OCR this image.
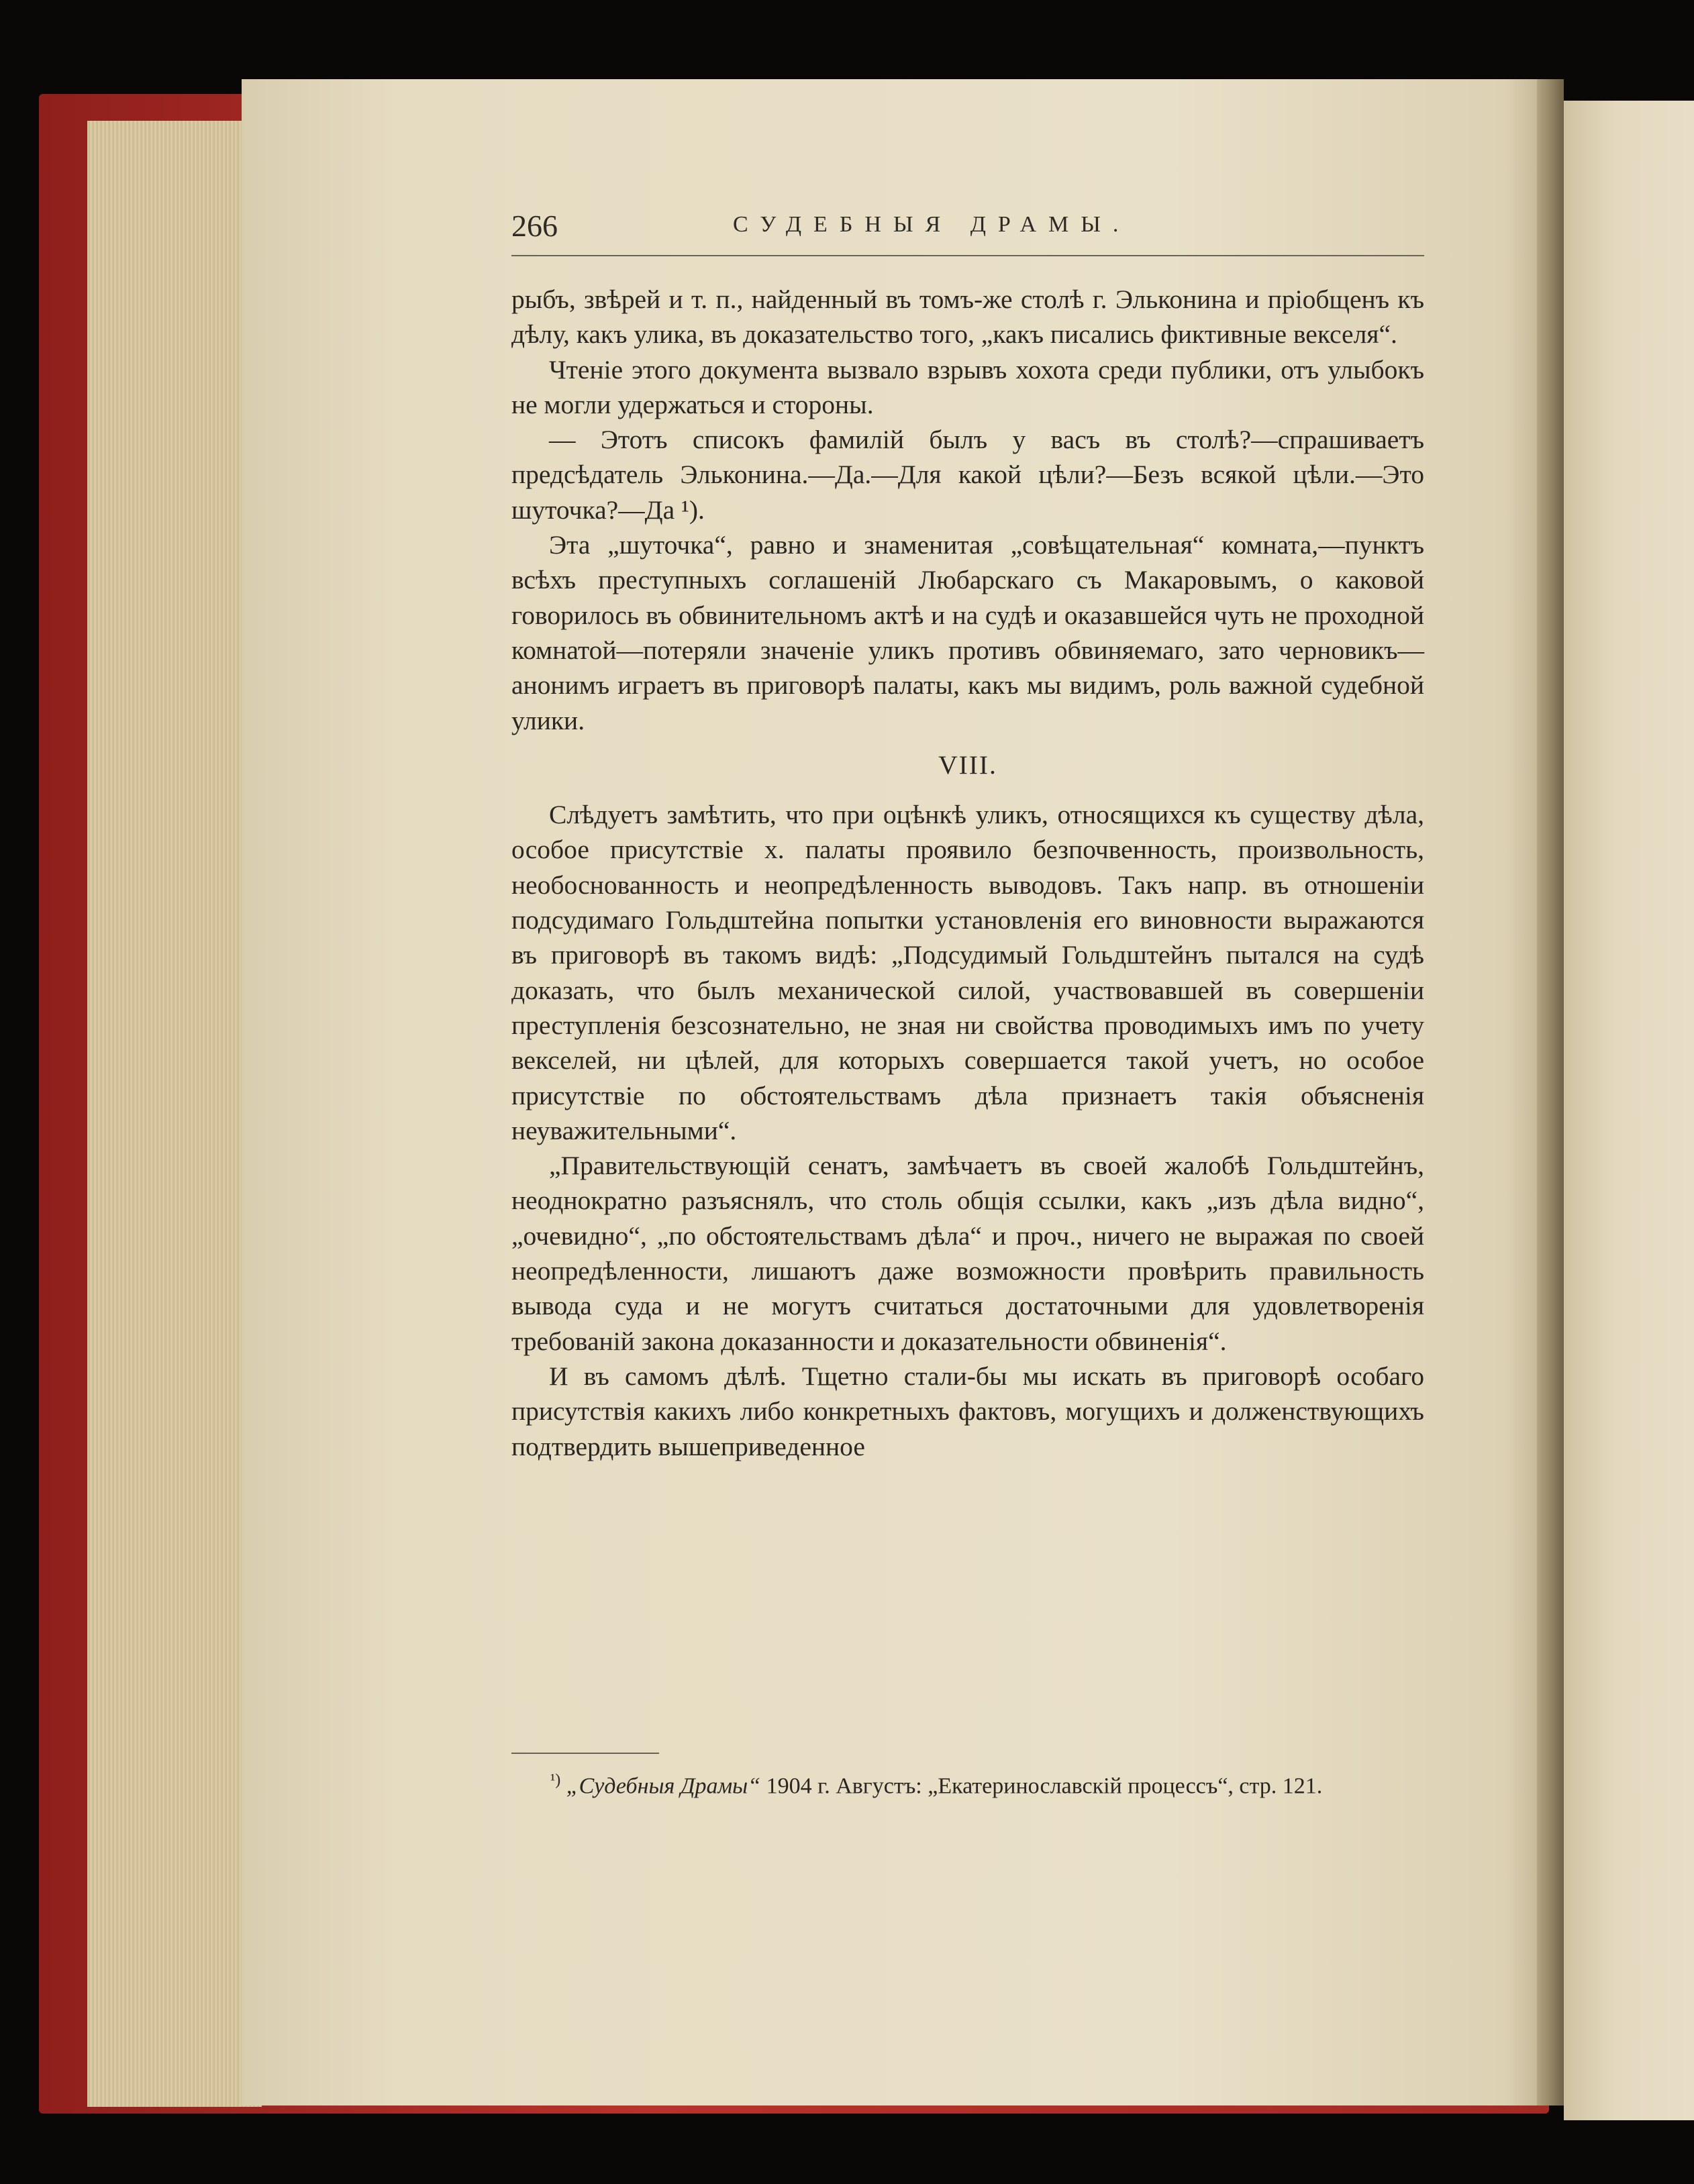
266	СУДЕБНЫЯ ДРАМЫ.

рыбъ, звѣрей и т. п., найденный въ томъ-же столѣ г. Эльконина и пріобщенъ къ дѣлу, какъ улика, въ доказательство того, „какъ писались фиктивные векселя“.

Чтеніе этого документа вызвало взрывъ хохота среди публики, отъ улыбокъ не могли удержаться и стороны.

— Этотъ списокъ фамилій былъ у васъ въ столѣ?—спрашиваетъ предсѣдатель Эльконина.—Да.—Для какой цѣли?—Безъ всякой цѣли.—Это шуточка?—Да ¹).

Эта „шуточка“, равно и знаменитая „совѣщательная“ комната,—пунктъ всѣхъ преступныхъ соглашеній Любарскаго съ Макаровымъ, о каковой говорилось въ обвинительномъ актѣ и на судѣ и оказавшейся чуть не проходной комнатой—потеряли значеніе уликъ противъ обвиняемаго, зато черновикъ—анонимъ играетъ въ приговорѣ палаты, какъ мы видимъ, роль важной судебной улики.

VIII.

Слѣдуетъ замѣтить, что при оцѣнкѣ уликъ, относящихся къ существу дѣла, особое присутствіе х. палаты проявило безпочвенность, произвольность, необоснованность и неопредѣленность выводовъ. Такъ напр. въ отношеніи подсудимаго Гольдштейна попытки установленія его виновности выражаются въ приговорѣ въ такомъ видѣ: „Подсудимый Гольдштейнъ пытался на судѣ доказать, что былъ механической силой, участвовавшей въ совершеніи преступленія безсознательно, не зная ни свойства проводимыхъ имъ по учету векселей, ни цѣлей, для которыхъ совершается такой учетъ, но особое присутствіе по обстоятельствамъ дѣла признаетъ такія объясненія неуважительными“.

„Правительствующій сенатъ, замѣчаетъ въ своей жалобѣ Гольдштейнъ, неоднократно разъяснялъ, что столь общія ссылки, какъ „изъ дѣла видно“, „очевидно“, „по обстоятельствамъ дѣла“ и проч., ничего не выражая по своей неопредѣленности, лишаютъ даже возможности провѣрить правильность вывода суда и не могутъ считаться достаточными для удовлетворенія требованій закона доказанности и доказательности обвиненія“.

И въ самомъ дѣлѣ. Тщетно стали-бы мы искать въ приговорѣ особаго присутствія какихъ либо конкретныхъ фактовъ, могущихъ и долженствующихъ подтвердить вышеприведенное

$^{^1)}$ „Судебныя Драмы“ 1904 г. Августъ: „Екатеринославскій процессъ“, стр. 121.
